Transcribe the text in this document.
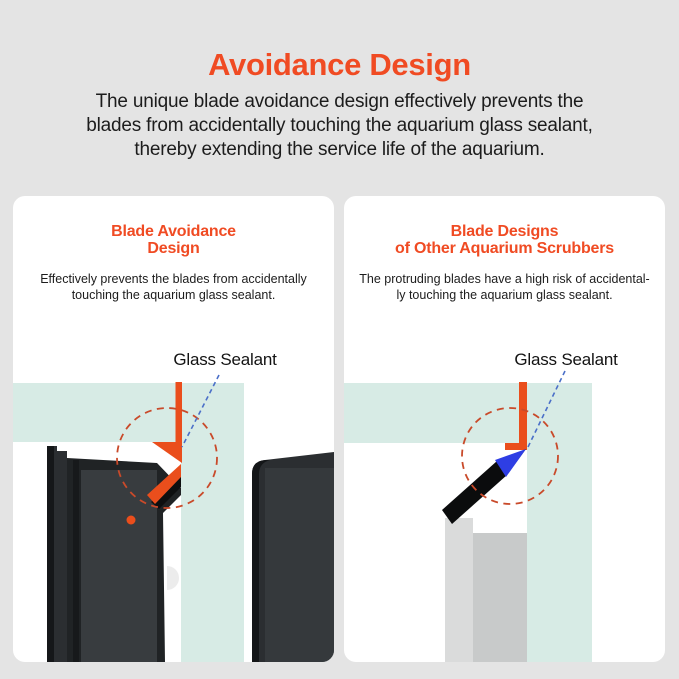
Avoidance Design

The unique blade avoidance design effectively prevents the
blades from accidentally touching the aquarium glass sealant,
thereby extending the service life of the aquarium.

Blade Avoidance
Design

Effectively prevents the blades from accidentally
touching the aquarium glass sealant.

Glass Sealant
Blade Designs
of Other Aquarium Scrubbers

The protruding blades have a high risk of accidental-
ly touching the aquarium glass sealant.

Glass Sealant
